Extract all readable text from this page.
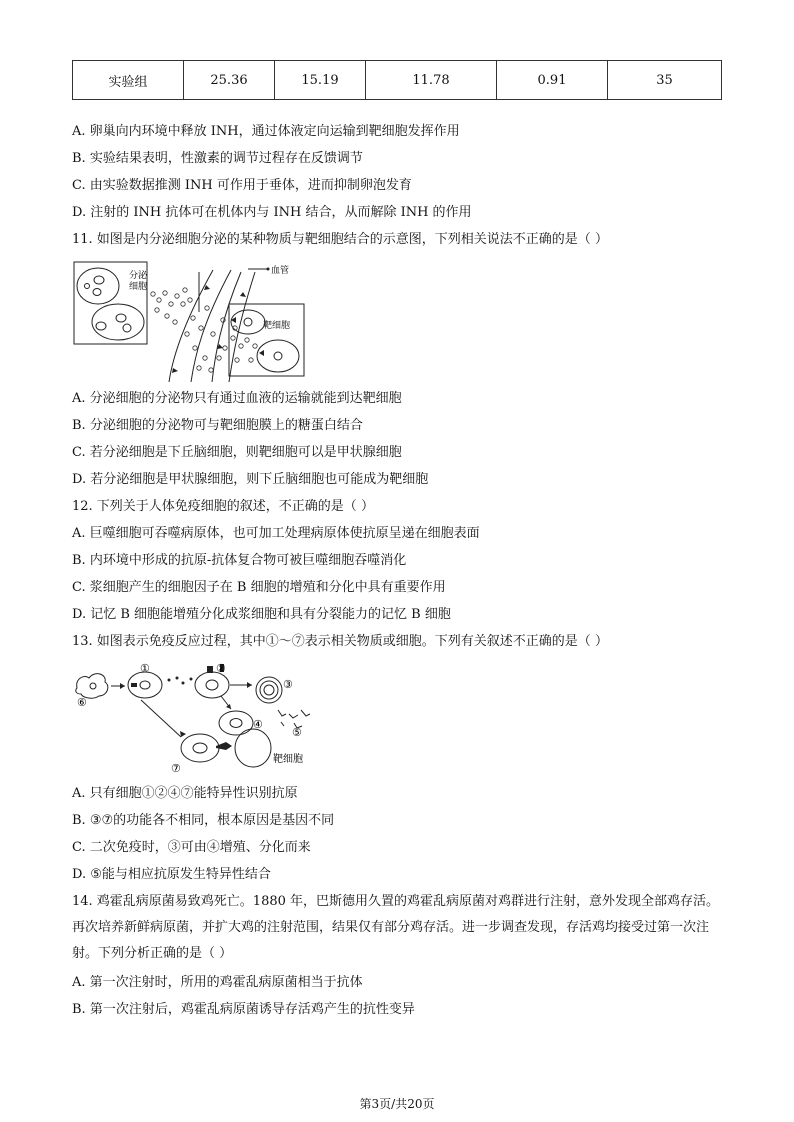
实验组	25.36	15.19	11.78	0.91	35
A. 卵巢向内环境中释放 INH，通过体液定向运输到靶细胞发挥作用
B. 实验结果表明，性激素的调节过程存在反馈调节
C. 由实验数据推测 INH 可作用于垂体，进而抑制卵泡发育
D. 注射的 INH 抗体可在机体内与 INH 结合，从而解除 INH 的作用
11. 如图是内分泌细胞分泌的某种物质与靶细胞结合的示意图，下列相关说法不正确的是（ ）
分泌
细胞
血管
靶细胞
A. 分泌细胞的分泌物只有通过血液的运输就能到达靶细胞
B. 分泌细胞的分泌物可与靶细胞膜上的糖蛋白结合
C. 若分泌细胞是下丘脑细胞，则靶细胞可以是甲状腺细胞
D. 若分泌细胞是甲状腺细胞，则下丘脑细胞也可能成为靶细胞
12. 下列关于人体免疫细胞的叙述，不正确的是（ ）
A. 巨噬细胞可吞噬病原体，也可加工处理病原体使抗原呈递在细胞表面
B. 内环境中形成的抗原-抗体复合物可被巨噬细胞吞噬消化
C. 浆细胞产生的细胞因子在 B 细胞的增殖和分化中具有重要作用
D. 记忆 B 细胞能增殖分化成浆细胞和具有分裂能力的记忆 B 细胞
13. 如图表示免疫反应过程，其中①～⑦表示相关物质或细胞。下列有关叙述不正确的是（ ）
⑥
①	②
③
④
⑤
⑦
靶细胞
A. 只有细胞①②④⑦能特异性识别抗原
B. ③⑦的功能各不相同，根本原因是基因不同
C. 二次免疫时，③可由④增殖、分化而来
D. ⑤能与相应抗原发生特异性结合
14. 鸡霍乱病原菌易致鸡死亡。1880 年，巴斯德用久置的鸡霍乱病原菌对鸡群进行注射，意外发现全部鸡存活。再次培养新鲜病原菌，并扩大鸡的注射范围，结果仅有部分鸡存活。进一步调查发现，存活鸡均接受过第一次注射。下列分析正确的是（ ）
A. 第一次注射时，所用的鸡霍乱病原菌相当于抗体
B. 第一次注射后，鸡霍乱病原菌诱导存活鸡产生的抗性变异
第3页/共20页
